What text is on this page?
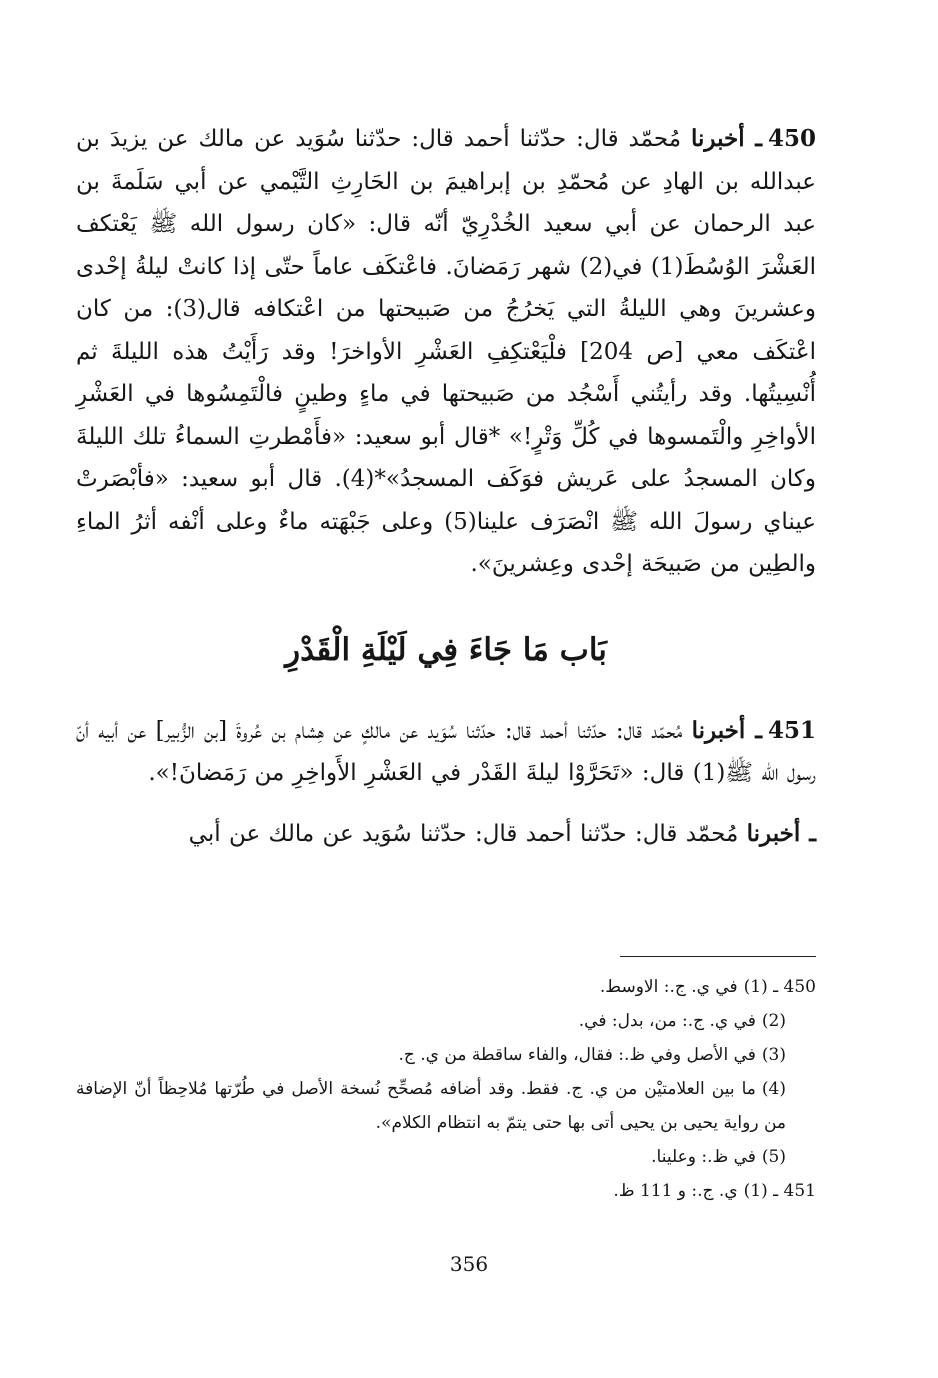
450ـ أخبرنا مُحمّد قال: حدّثنا أحمد قال: حدّثنا سُوَيد عن مالك عن يزيدَ بن عبدالله بن الهادِ عن مُحمّدِ بن إبراهيمَ بن الحَارِثِ التَّيْمي عن أبي سَلَمةَ بن عبد الرحمان عن أبي سعيد الخُدْرِيّ أنّه قال: «كان رسول الله ﷺ يَعْتكف العَشْرَ الوُسُطَ(1) في(2) شهر رَمَضانَ. فاعْتكَف عاماً حتّى إذا كانتْ ليلةُ إحْدى وعشرينَ وهي الليلةُ التي يَخرُجُ من صَبيحتها من اعْتكافه قال(3): من كان اعْتكَف معي [ص 204] فلْيَعْتكِفِ العَشْرِ الأواخرَ! وقد رَأَيْتُ هذه الليلةَ ثم أُنْسِيتُها. وقد رأيتُني أَسْجُد من صَبيحتها في ماءٍ وطينٍ فالْتَمِسُوها في العَشْرِ الأواخِرِ والْتَمسوها في كُلِّ وَتْرٍ!» *قال أبو سعيد: «فأَمْطرتِ السماءُ تلك الليلةَ وكان المسجدُ على عَريش فوَكَف المسجدُ»*(4). قال أبو سعيد: «فأبْصَرتْ عيناي رسولَ الله ﷺ انْصَرَف علينا(5) وعلى جَبْهَته ماءٌ وعلى أنْفه أثرُ الماءِ والطِين من صَبيحَة إحْدى وعِشرينَ».

بَاب مَا جَاءَ فِي لَيْلَةِ الْقَدْرِ

451ـ أخبرنا مُحمّد قال: حدّثنا أحمد قال: حدّثنا سُوَيد عن مالكٍ عن هِشام بن عُروةَ [بن الزُّبير] عن أبيه أنّ رسول الله ﷺ(1) قال: «تَحَرَّوْا ليلةَ القَدْر في العَشْرِ الأَواخِرِ من رَمَضانَ!».

ـ أخبرنا مُحمّد قال: حدّثنا أحمد قال: حدّثنا سُوَيد عن مالك عن أبي

450 ـ (1)في ي. ج.: الاوسط.

(2)في ي. ج.: من، بدل: في.

(3)في الأصل وفي ظ.: فقال، والفاء ساقطة من ي. ج.

(4)ما بين العلامتيْن من ي. ج. فقط. وقد أضافه مُصحِّح نُسخة الأصل في طُرّتها مُلاحِظاً أنّ الإضافة من رواية يحيى بن يحيى أتى بها حتى يتمّ به انتظام الكلام».

(5)في ظ.: وعلينا.

451 ـ (1)ي. ج.: و 111 ظ.

356
